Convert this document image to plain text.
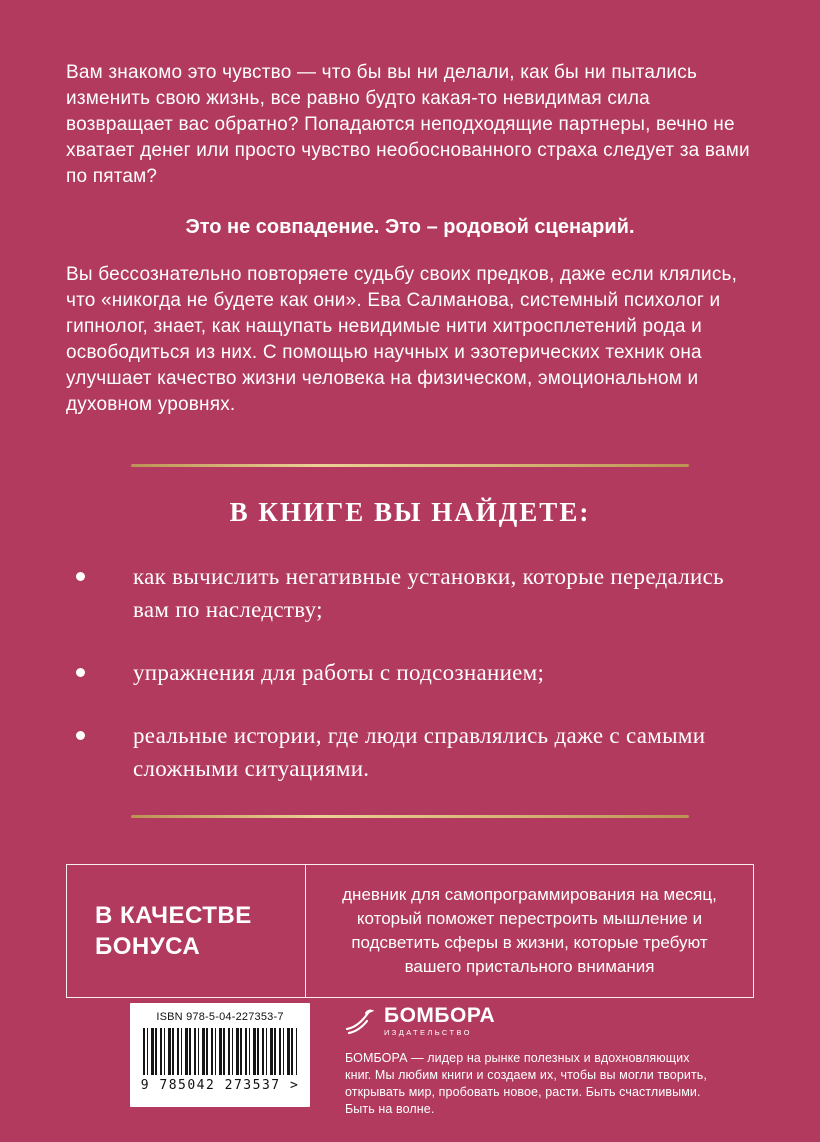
Вам знакомо это чувство — что бы вы ни делали, как бы ни пытались изменить свою жизнь, все равно будто какая-то невидимая сила возвращает вас обратно? Попадаются неподходящие партнеры, вечно не хватает денег или просто чувство необоснованного страха следует за вами по пятам?

Это не совпадение. Это – родовой сценарий.

Вы бессознательно повторяете судьбу своих предков, даже если клялись, что «никогда не будете как они». Ева Салманова, системный психолог и гипнолог, знает, как нащупать невидимые нити хитросплетений рода и освободиться из них. С помощью научных и эзотерических техник она улучшает качество жизни человека на физическом, эмоциональном и духовном уровнях.

В КНИГЕ ВЫ НАЙДЕТЕ:
как вычислить негативные установки, которые передались вам по наследству;
упражнения для работы с подсознанием;
реальные истории, где люди справлялись даже с самыми сложными ситуациями.
В КАЧЕСТВЕ БОНУСА
дневник для самопрограммирования на месяц, который поможет перестроить мышление и подсветить сферы в жизни, которые требуют вашего пристального внимания
ISBN 978-5-04-227353-7
9 785042 273537 >
БОМБОРА
ИЗДАТЕЛЬСТВО
БОМБОРА — лидер на рынке полезных и вдохновляющих книг. Мы любим книги и создаем их, чтобы вы могли творить, открывать мир, пробовать новое, расти. Быть счастливыми. Быть на волне.
